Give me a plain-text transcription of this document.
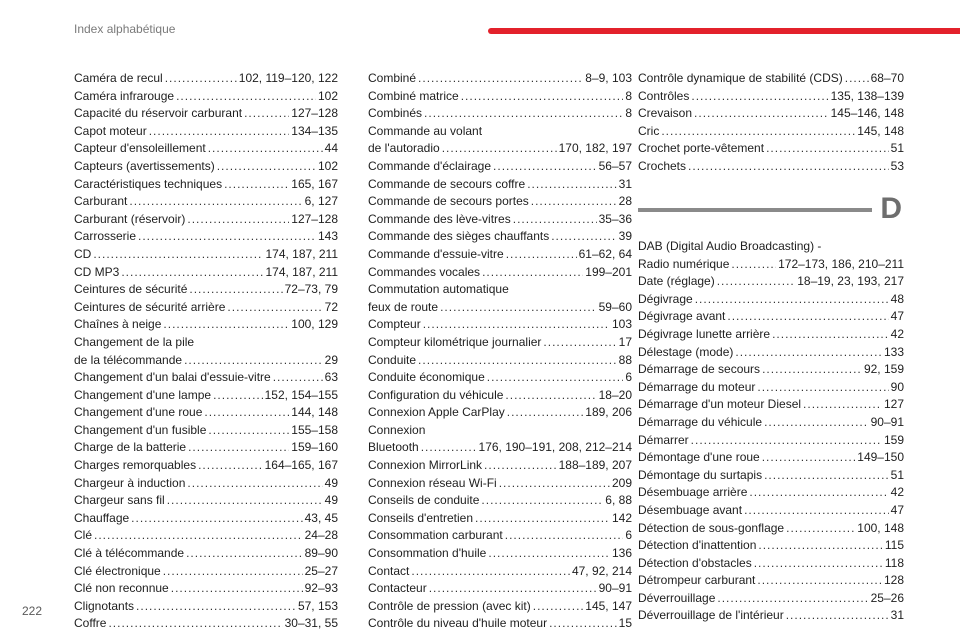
Index alphabétique
Caméra de recul .....	102, 119–120, 122
Caméra infrarouge .....	102
Capacité du réservoir carburant .....	127–128
Capot moteur .....	134–135
Capteur d'ensoleillement .....	44
Capteurs (avertissements) .....	102
Caractéristiques techniques .....	165, 167
Carburant .....	6, 127
Carburant (réservoir) .....	127–128
Carrosserie .....	143
CD .....	174, 187, 211
CD MP3 .....	174, 187, 211
Ceintures de sécurité .....	72–73, 79
Ceintures de sécurité arrière .....	72
Chaînes à neige .....	100, 129
Changement de la pile
de la télécommande .....	29
Changement d'un balai d'essuie-vitre .....	63
Changement d'une lampe .....	152, 154–155
Changement d'une roue .....	144, 148
Changement d'un fusible .....	155–158
Charge de la batterie .....	159–160
Charges remorquables .....	164–165, 167
Chargeur à induction .....	49
Chargeur sans fil .....	49
Chauffage .....	43, 45
Clé .....	24–28
Clé à télécommande .....	89–90
Clé électronique .....	25–27
Clé non reconnue .....	92–93
Clignotants .....	57, 153
Coffre .....	30–31, 55
Combiné .....	8–9, 103
Combiné matrice .....	8
Combinés .....	8
Commande au volant
de l'autoradio .....	170, 182, 197
Commande d'éclairage .....	56–57
Commande de secours coffre .....	31
Commande de secours portes .....	28
Commande des lève-vitres .....	35–36
Commande des sièges chauffants .....	39
Commande d'essuie-vitre .....	61–62, 64
Commandes vocales .....	199–201
Commutation automatique
feux de route .....	59–60
Compteur .....	103
Compteur kilométrique journalier .....	17
Conduite .....	88
Conduite économique .....	6
Configuration du véhicule .....	18–20
Connexion Apple CarPlay .....	189, 206
Connexion
Bluetooth .....	176, 190–191, 208, 212–214
Connexion MirrorLink .....	188–189, 207
Connexion réseau Wi-Fi .....	209
Conseils de conduite .....	6, 88
Conseils d'entretien .....	142
Consommation carburant .....	6
Consommation d'huile .....	136
Contact .....	47, 92, 214
Contacteur .....	90–91
Contrôle de pression (avec kit) .....	145, 147
Contrôle du niveau d'huile moteur .....	15
Contrôle dynamique de stabilité (CDS) ..... 68–70
Contrôles .....	135, 138–139
Crevaison .....	145–146, 148
Cric .....	145, 148
Crochet porte-vêtement .....	51
Crochets .....	53
D
DAB (Digital Audio Broadcasting) -
Radio numérique .....	172–173, 186, 210–211
Date (réglage) .....	18–19, 23, 193, 217
Dégivrage .....	48
Dégivrage avant .....	47
Dégivrage lunette arrière .....	42
Délestage (mode) .....	133
Démarrage de secours .....	92, 159
Démarrage du moteur .....	90
Démarrage d'un moteur Diesel .....	127
Démarrage du véhicule .....	90–91
Démarrer .....	159
Démontage d'une roue .....	149–150
Démontage du surtapis .....	51
Désembuage arrière .....	42
Désembuage avant .....	47
Détection de sous-gonflage .....	100, 148
Détection d'inattention .....	115
Détection d'obstacles .....	118
Détrompeur carburant .....	128
Déverrouillage .....	25–26
Déverrouillage de l'intérieur .....	31
222
